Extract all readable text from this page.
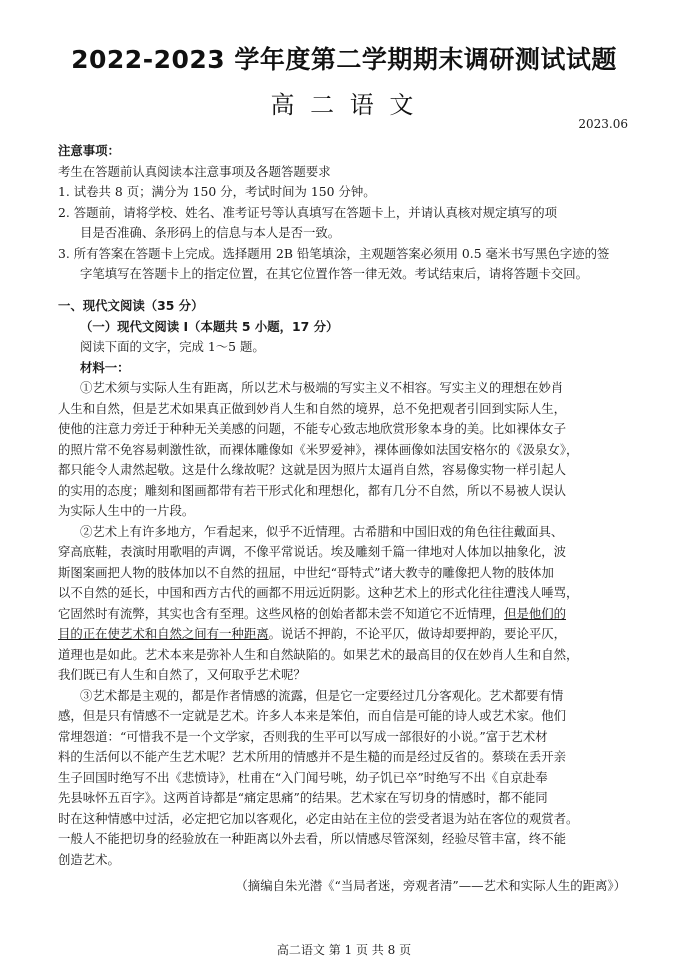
2022-2023 学年度第二学期期末调研测试试题
高 二 语 文
2023.06
注意事项：
考生在答题前认真阅读本注意事项及各题答题要求
1. 试卷共 8 页；满分为 150 分，考试时间为 150 分钟。
2. 答题前，请将学校、姓名、准考证号等认真填写在答题卡上，并请认真核对规定填写的项
目是否准确、条形码上的信息与本人是否一致。
3. 所有答案在答题卡上完成。选择题用 2B 铅笔填涂，主观题答案必须用 0.5 毫米书写黑色字迹的签
字笔填写在答题卡上的指定位置，在其它位置作答一律无效。考试结束后，请将答题卡交回。
一、现代文阅读（35 分）
（一）现代文阅读 I（本题共 5 小题，17 分）
阅读下面的文字，完成 1～5 题。
材料一：
①艺术须与实际人生有距离，所以艺术与极端的写实主义不相容。写实主义的理想在妙肖
人生和自然，但是艺术如果真正做到妙肖人生和自然的境界，总不免把观者引回到实际人生，
使他的注意力旁迁于种种无关美感的问题，不能专心致志地欣赏形象本身的美。比如裸体女子
的照片常不免容易刺激性欲，而裸体雕像如《米罗爱神》，裸体画像如法国安格尔的《汲泉女》，
都只能令人肃然起敬。这是什么缘故呢？这就是因为照片太逼肖自然，容易像实物一样引起人
的实用的态度；雕刻和图画都带有若干形式化和理想化，都有几分不自然，所以不易被人误认
为实际人生中的一片段。
②艺术上有许多地方，乍看起来，似乎不近情理。古希腊和中国旧戏的角色往往戴面具、
穿高底鞋，表演时用歌唱的声调，不像平常说话。埃及雕刻千篇一律地对人体加以抽象化，波
斯图案画把人物的肢体加以不自然的扭屈，中世纪“哥特式”诸大教寺的雕像把人物的肢体加
以不自然的延长，中国和西方古代的画都不用远近阴影。这种艺术上的形式化往往遭浅人唾骂，
它固然时有流弊，其实也含有至理。这些风格的创始者都未尝不知道它不近情理，但是他们的
目的正在使艺术和自然之间有一种距离。说话不押韵，不论平仄，做诗却要押韵，要论平仄，
道理也是如此。艺术本来是弥补人生和自然缺陷的。如果艺术的最高目的仅在妙肖人生和自然，
我们既已有人生和自然了，又何取乎艺术呢？
③艺术都是主观的，都是作者情感的流露，但是它一定要经过几分客观化。艺术都要有情
感，但是只有情感不一定就是艺术。许多人本来是笨伯，而自信是可能的诗人或艺术家。他们
常埋怨道：“可惜我不是一个文学家，否则我的生平可以写成一部很好的小说。”富于艺术材
料的生活何以不能产生艺术呢？艺术所用的情感并不是生糙的而是经过反省的。蔡琰在丢开亲
生子回国时绝写不出《悲愤诗》，杜甫在“入门闻号咷，幼子饥已卒”时绝写不出《自京赴奉
先县咏怀五百字》。这两首诗都是“痛定思痛”的结果。艺术家在写切身的情感时，都不能同
时在这种情感中过活，必定把它加以客观化，必定由站在主位的尝受者退为站在客位的观赏者。
一般人不能把切身的经验放在一种距离以外去看，所以情感尽管深刻，经验尽管丰富，终不能
创造艺术。
（摘编自朱光潜《“当局者迷，旁观者清”——艺术和实际人生的距离》）
高二语文 第 1 页 共 8 页
